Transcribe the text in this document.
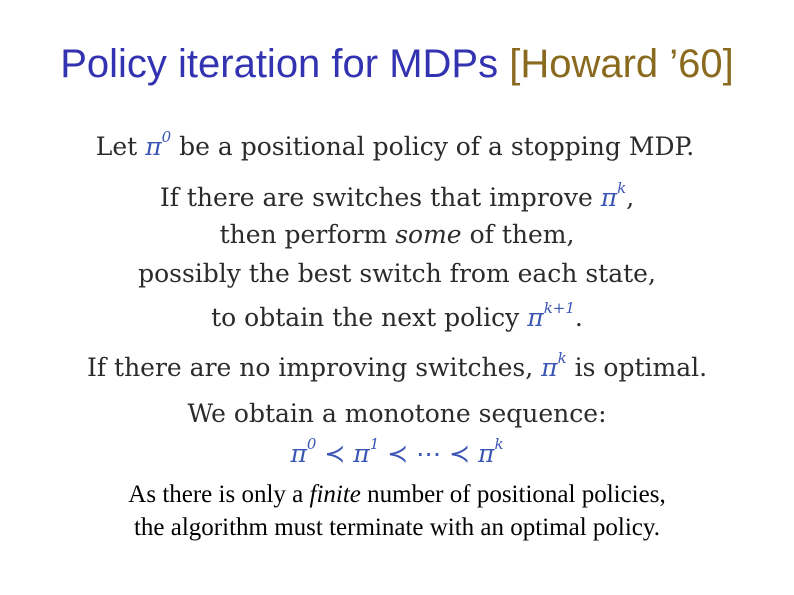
Policy iteration for MDPs [Howard ’60]
Let $\pi^0$ be a positional policy of a stopping MDP.
If there are switches that improve $\pi^k$,
then perform some of them,
possibly the best switch from each state,
to obtain the next policy $\pi^{k+1}$.
If there are no improving switches, $\pi^k$ is optimal.
We obtain a monotone sequence:
$\pi^0$ ≺ $\pi^1$ ≺ ⋯ ≺ $\pi^k$
As there is only a finite number of positional policies,
the algorithm must terminate with an optimal policy.
